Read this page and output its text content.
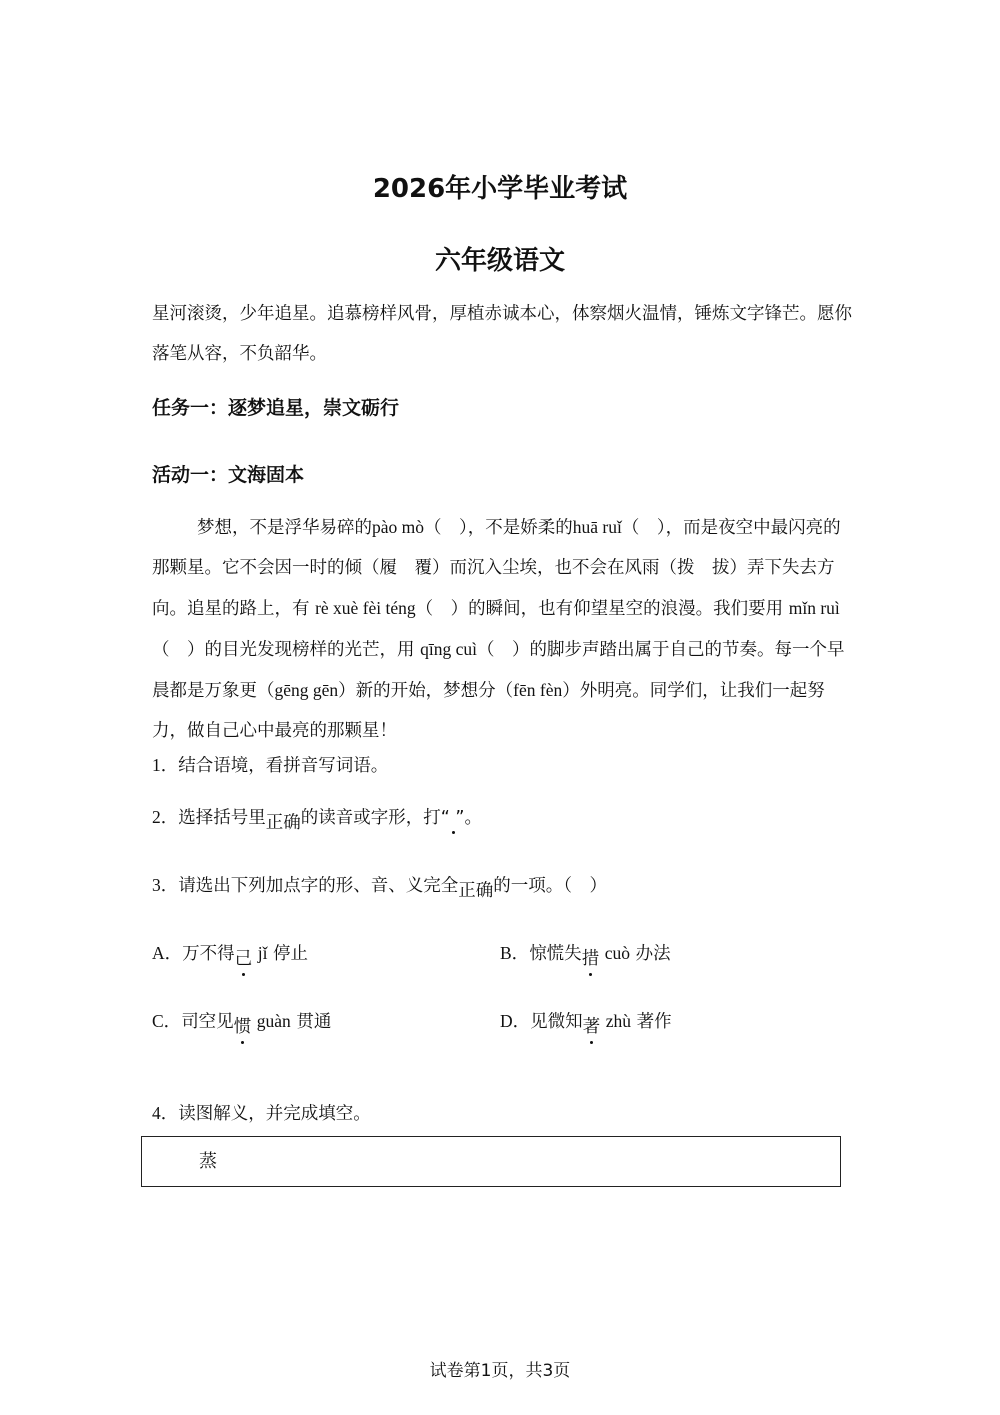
2026年小学毕业考试
六年级语文
星河滚烫，少年追星。追慕榜样风骨，厚植赤诚本心，体察烟火温情，锤炼文字锋芒。愿你落笔从容，不负韶华。
任务一：逐梦追星，崇文砺行
活动一：文海固本
梦想，不是浮华易碎的pào mò（　），不是娇柔的huā ruǐ（　），而是夜空中最闪亮的那颗星。它不会因一时的倾（履　覆）而沉入尘埃，也不会在风雨（拨　拔）弄下失去方向。追星的路上，有 rè xuè fèi téng（　）的瞬间，也有仰望星空的浪漫。我们要用 mǐn ruì（　）的目光发现榜样的光芒，用 qīng cuì（　）的脚步声踏出属于自己的节奏。每一个早晨都是万象更（gēng gēn）新的开始，梦想分（fēn fèn）外明亮。同学们，让我们一起努力，做自己心中最亮的那颗星！
1．结合语境，看拼音写词语。
2．选择括号里正确的读音或字形，打“ ”。
3．请选出下列加点字的形、音、义完全正确的一项。（　）
A．万不得己 jǐ 停止	B．惊慌失措 cuò 办法
C．司空见惯 guàn 贯通	D．见微知著 zhù 著作
4．读图解义，并完成填空。
蒸
试卷第1页，共3页
